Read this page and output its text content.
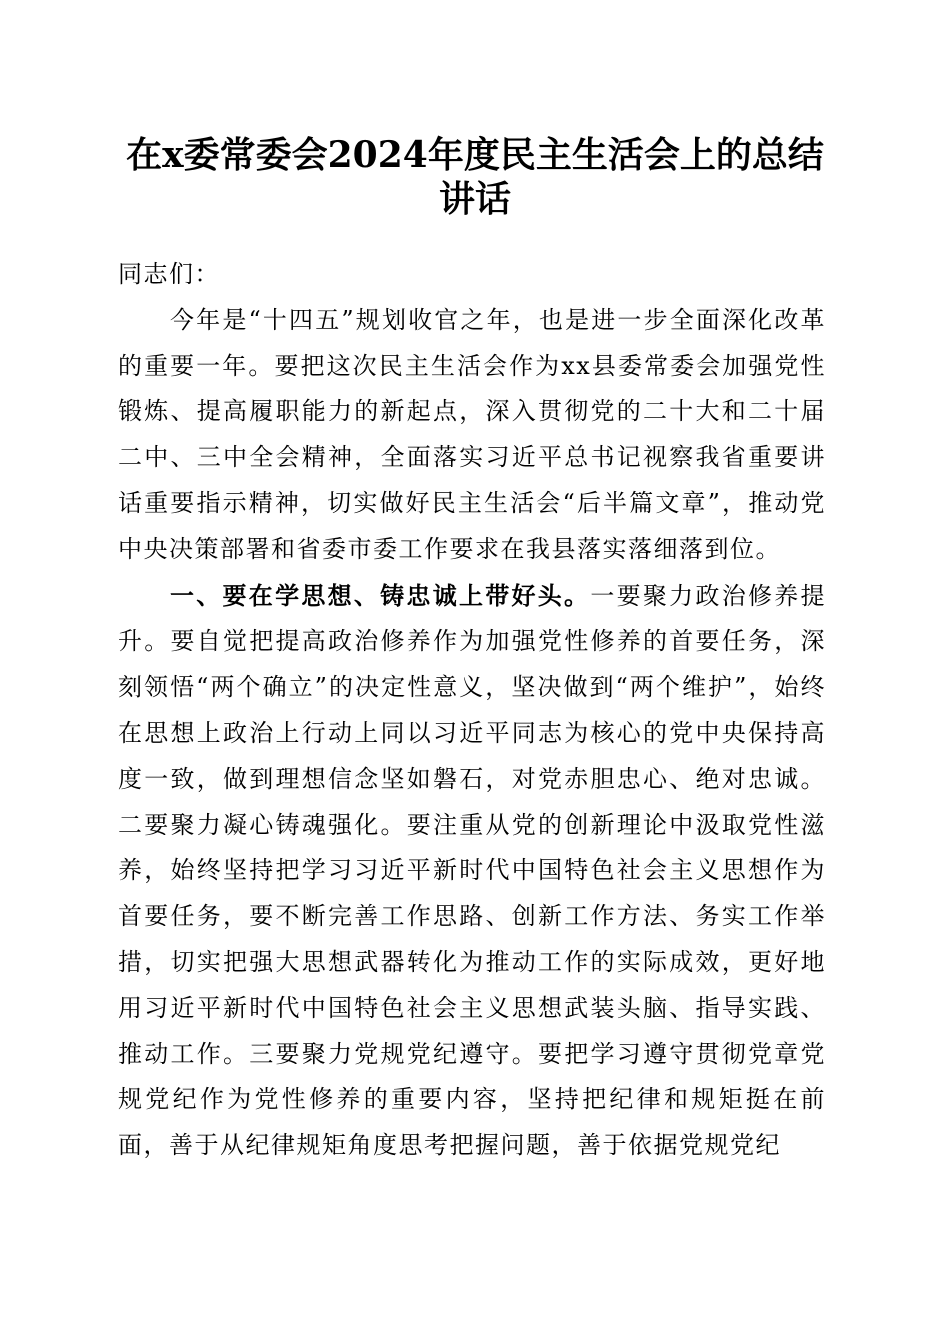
在x委常委会2024年度民主生活会上的总结
讲话

同志们：

今年是“十四五”规划收官之年，也是进一步全面深化改革的重要一年。要把这次民主生活会作为xx县委常委会加强党性锻炼、提高履职能力的新起点，深入贯彻党的二十大和二十届二中、三中全会精神，全面落实习近平总书记视察我省重要讲话重要指示精神，切实做好民主生活会“后半篇文章”，推动党中央决策部署和省委市委工作要求在我县落实落细落到位。

一、要在学思想、铸忠诚上带好头。一要聚力政治修养提升。要自觉把提高政治修养作为加强党性修养的首要任务，深刻领悟“两个确立”的决定性意义，坚决做到“两个维护”，始终在思想上政治上行动上同以习近平同志为核心的党中央保持高度一致，做到理想信念坚如磐石，对党赤胆忠心、绝对忠诚。二要聚力凝心铸魂强化。要注重从党的创新理论中汲取党性滋养，始终坚持把学习习近平新时代中国特色社会主义思想作为首要任务，要不断完善工作思路、创新工作方法、务实工作举措，切实把强大思想武器转化为推动工作的实际成效，更好地用习近平新时代中国特色社会主义思想武装头脑、指导实践、推动工作。三要聚力党规党纪遵守。要把学习遵守贯彻党章党规党纪作为党性修养的重要内容，坚持把纪律和规矩挺在前面，善于从纪律规矩角度思考把握问题，善于依据党规党纪
